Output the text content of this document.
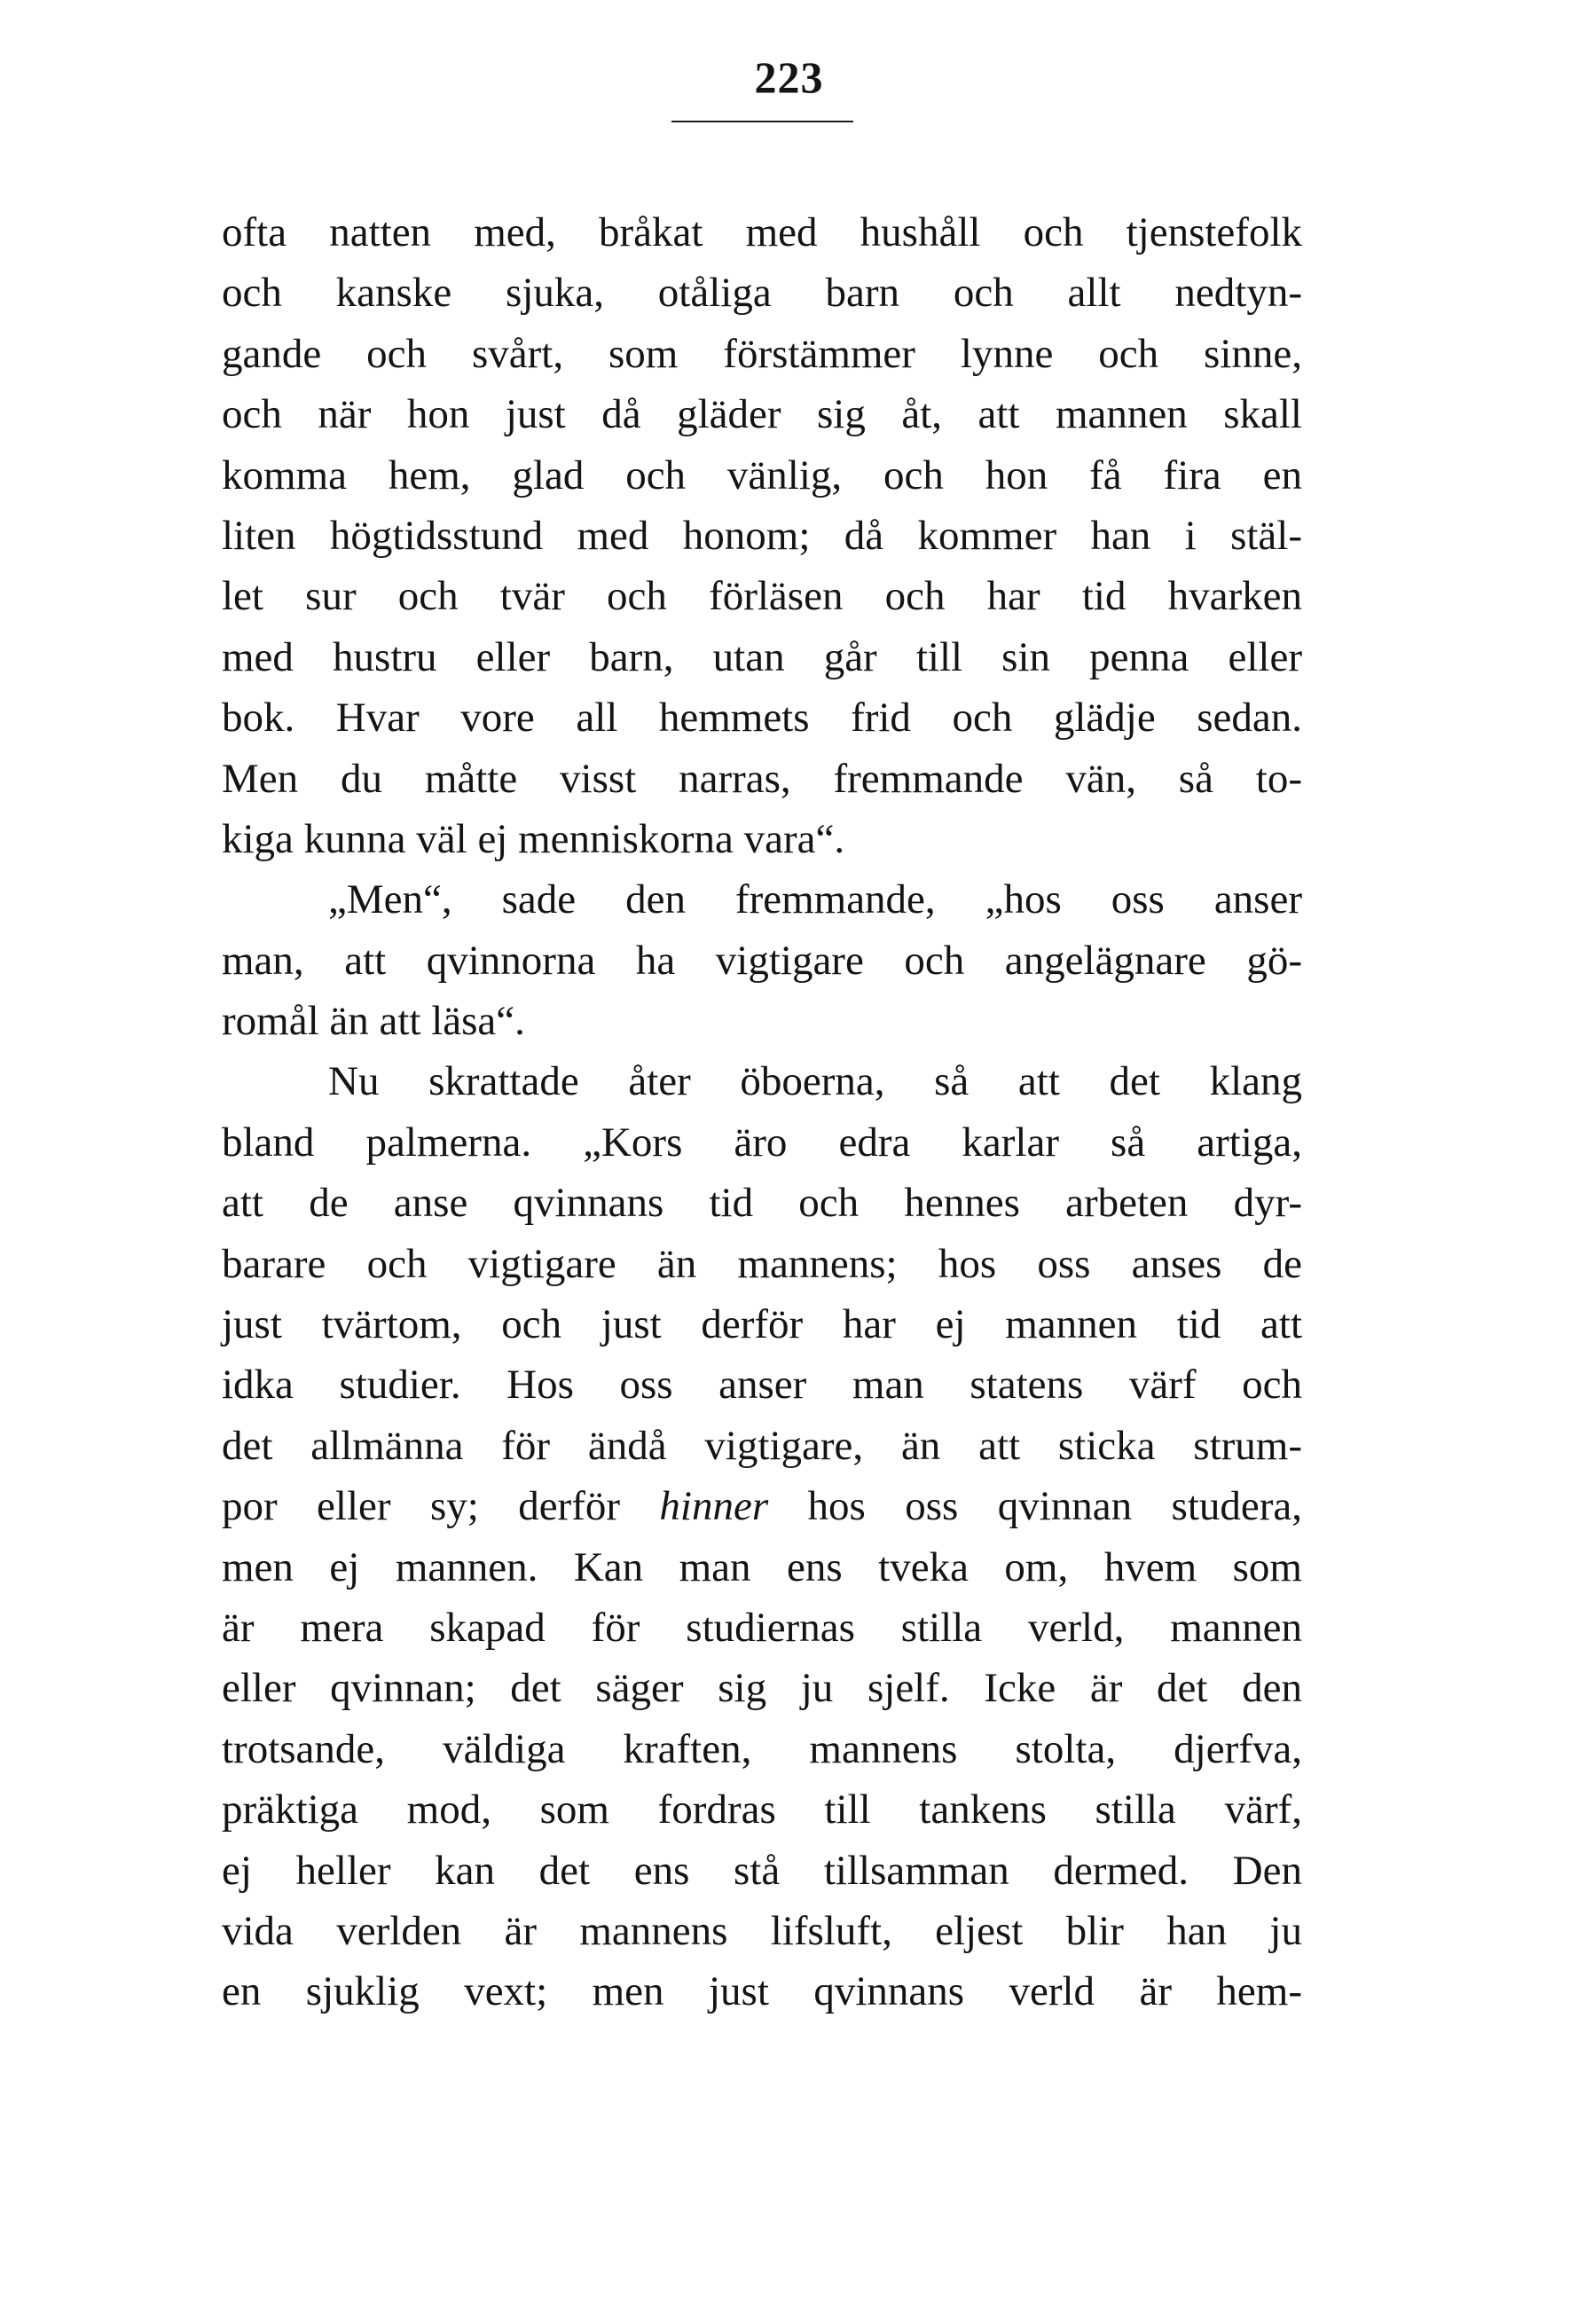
223
ofta natten med, bråkat med hushåll och tjenstefolk
och kanske sjuka, otåliga barn och allt nedtyn-
gande och svårt, som förstämmer lynne och sinne,
och när hon just då gläder sig åt, att mannen skall
komma hem, glad och vänlig, och hon få fira en
liten högtidsstund med honom; då kommer han i stäl-
let sur och tvär och förläsen och har tid hvarken
med hustru eller barn, utan går till sin penna eller
bok. Hvar vore all hemmets frid och glädje sedan.
Men du måtte visst narras, fremmande vän, så to-
kiga kunna väl ej menniskorna vara“.
„Men“, sade den fremmande, „hos oss anser
man, att qvinnorna ha vigtigare och angelägnare gö-
romål än att läsa“.
Nu skrattade åter öboerna, så att det klang
bland palmerna. „Kors äro edra karlar så artiga,
att de anse qvinnans tid och hennes arbeten dyr-
barare och vigtigare än mannens; hos oss anses de
just tvärtom, och just derför har ej mannen tid att
idka studier. Hos oss anser man statens värf och
det allmänna för ändå vigtigare, än att sticka strum-
por eller sy; derför hinner hos oss qvinnan studera,
men ej mannen. Kan man ens tveka om, hvem som
är mera skapad för studiernas stilla verld, mannen
eller qvinnan; det säger sig ju sjelf. Icke är det den
trotsande, väldiga kraften, mannens stolta, djerfva,
präktiga mod, som fordras till tankens stilla värf,
ej heller kan det ens stå tillsamman dermed. Den
vida verlden är mannens lifsluft, eljest blir han ju
en sjuklig vext; men just qvinnans verld är hem-
